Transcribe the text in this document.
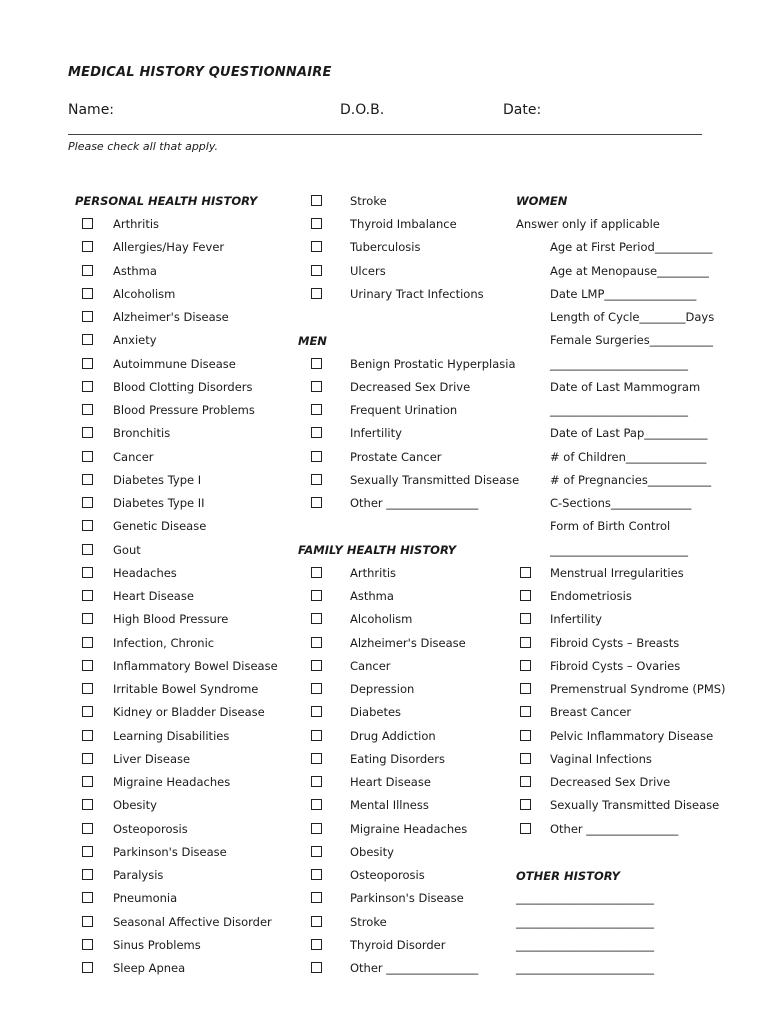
MEDICAL HISTORY QUESTIONNAIRE
Name:	D.O.B.	Date:
Please check all that apply.
PERSONAL HEALTH HISTORY
MEN
FAMILY HEALTH HISTORY
WOMEN
Answer only if applicable
OTHER HISTORY
Arthritis
Allergies/Hay Fever
Asthma
Alcoholism
Alzheimer's Disease
Anxiety
Autoimmune Disease
Blood Clotting Disorders
Blood Pressure Problems
Bronchitis
Cancer
Diabetes Type I
Diabetes Type II
Genetic Disease
Gout
Headaches
Heart Disease
High Blood Pressure
Infection, Chronic
Inflammatory Bowel Disease
Irritable Bowel Syndrome
Kidney or Bladder Disease
Learning Disabilities
Liver Disease
Migraine Headaches
Obesity
Osteoporosis
Parkinson's Disease
Paralysis
Pneumonia
Seasonal Affective Disorder
Sinus Problems
Sleep Apnea
Stroke
Thyroid Imbalance
Tuberculosis
Ulcers
Urinary Tract Infections
Benign Prostatic Hyperplasia
Decreased Sex Drive
Frequent Urination
Infertility
Prostate Cancer
Sexually Transmitted Disease
Other ________________
Arthritis
Asthma
Alcoholism
Alzheimer's Disease
Cancer
Depression
Diabetes
Drug Addiction
Eating Disorders
Heart Disease
Mental Illness
Migraine Headaches
Obesity
Osteoporosis
Parkinson's Disease
Stroke
Thyroid Disorder
Other ________________
Age at First Period__________
Age at Menopause_________
Date LMP________________
Length of Cycle________Days
Female Surgeries___________
________________________
Date of Last Mammogram
________________________
Date of Last Pap___________
# of Children______________
# of Pregnancies___________
C-Sections______________
Form of Birth Control
________________________
Menstrual Irregularities
Endometriosis
Infertility
Fibroid Cysts – Breasts
Fibroid Cysts – Ovaries
Premenstrual Syndrome (PMS)
Breast Cancer
Pelvic Inflammatory Disease
Vaginal Infections
Decreased Sex Drive
Sexually Transmitted Disease
Other ________________
________________________
________________________
________________________
________________________
